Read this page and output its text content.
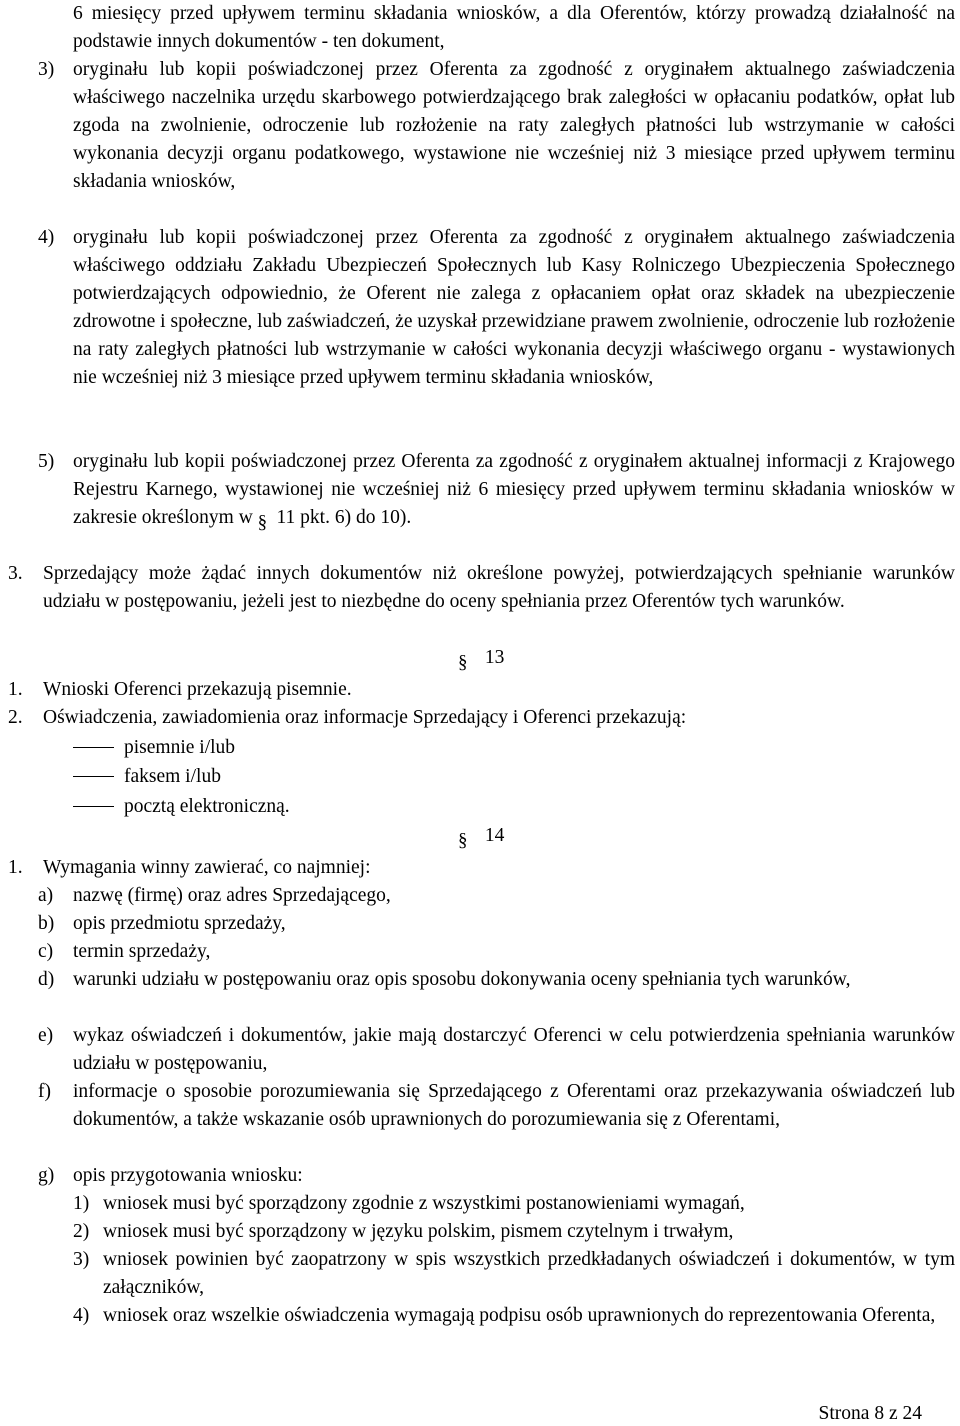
6 miesięcy przed upływem terminu składania wniosków, a dla Oferentów, którzy prowadzą działalność na podstawie innych dokumentów - ten dokument,
3) oryginału lub kopii poświadczonej przez Oferenta za zgodność z oryginałem aktualnego zaświadczenia właściwego naczelnika urzędu skarbowego potwierdzającego brak zaległości w opłacaniu podatków, opłat lub zgoda na zwolnienie, odroczenie lub rozłożenie na raty zaległych płatności lub wstrzymanie w całości wykonania decyzji organu podatkowego, wystawione nie wcześniej niż 3 miesiące przed upływem terminu składania wniosków,
4) oryginału lub kopii poświadczonej przez Oferenta za zgodność z oryginałem aktualnego zaświadczenia właściwego oddziału Zakładu Ubezpieczeń Społecznych lub Kasy Rolniczego Ubezpieczenia Społecznego potwierdzających odpowiednio, że Oferent nie zalega z opłacaniem opłat oraz składek na ubezpieczenie zdrowotne i społeczne, lub zaświadczeń, że uzyskał przewidziane prawem zwolnienie, odroczenie lub rozłożenie na raty zaległych płatności lub wstrzymanie w całości wykonania decyzji właściwego organu - wystawionych nie wcześniej niż 3 miesiące przed upływem terminu składania wniosków,
5) oryginału lub kopii poświadczonej przez Oferenta za zgodność z oryginałem aktualnej informacji z Krajowego Rejestru Karnego, wystawionej nie wcześniej niż 6 miesięcy przed upływem terminu składania wniosków w zakresie określonym w 11 pkt. 6) do 10).
3. Sprzedający może żądać innych dokumentów niż określone powyżej, potwierdzających spełnianie warunków udziału w postępowaniu, jeżeli jest to niezbędne do oceny spełniania przez Oferentów tych warunków.
13
1. Wnioski Oferenci przekazują pisemnie.
2. Oświadczenia, zawiadomienia oraz informacje Sprzedający i Oferenci przekazują:
pisemnie i/lub
faksem i/lub
pocztą elektroniczną.
14
1. Wymagania winny zawierać, co najmniej:
a) nazwę (firmę) oraz adres Sprzedającego,
b) opis przedmiotu sprzedaży,
c) termin sprzedaży,
d) warunki udziału w postępowaniu oraz opis sposobu dokonywania oceny spełniania tych warunków,
e) wykaz oświadczeń i dokumentów, jakie mają dostarczyć Oferenci w celu potwierdzenia spełniania warunków udziału w postępowaniu,
f) informacje o sposobie porozumiewania się Sprzedającego z Oferentami oraz przekazywania oświadczeń lub dokumentów, a także wskazanie osób uprawnionych do porozumiewania się z Oferentami,
g) opis przygotowania wniosku:
1) wniosek musi być sporządzony zgodnie z wszystkimi postanowieniami wymagań,
2) wniosek musi być sporządzony w języku polskim, pismem czytelnym i trwałym,
3) wniosek powinien być zaopatrzony w spis wszystkich przedkładanych oświadczeń i dokumentów, w tym załączników,
4) wniosek oraz wszelkie oświadczenia wymagają podpisu osób uprawnionych do reprezentowania Oferenta,
Strona 8 z 24
